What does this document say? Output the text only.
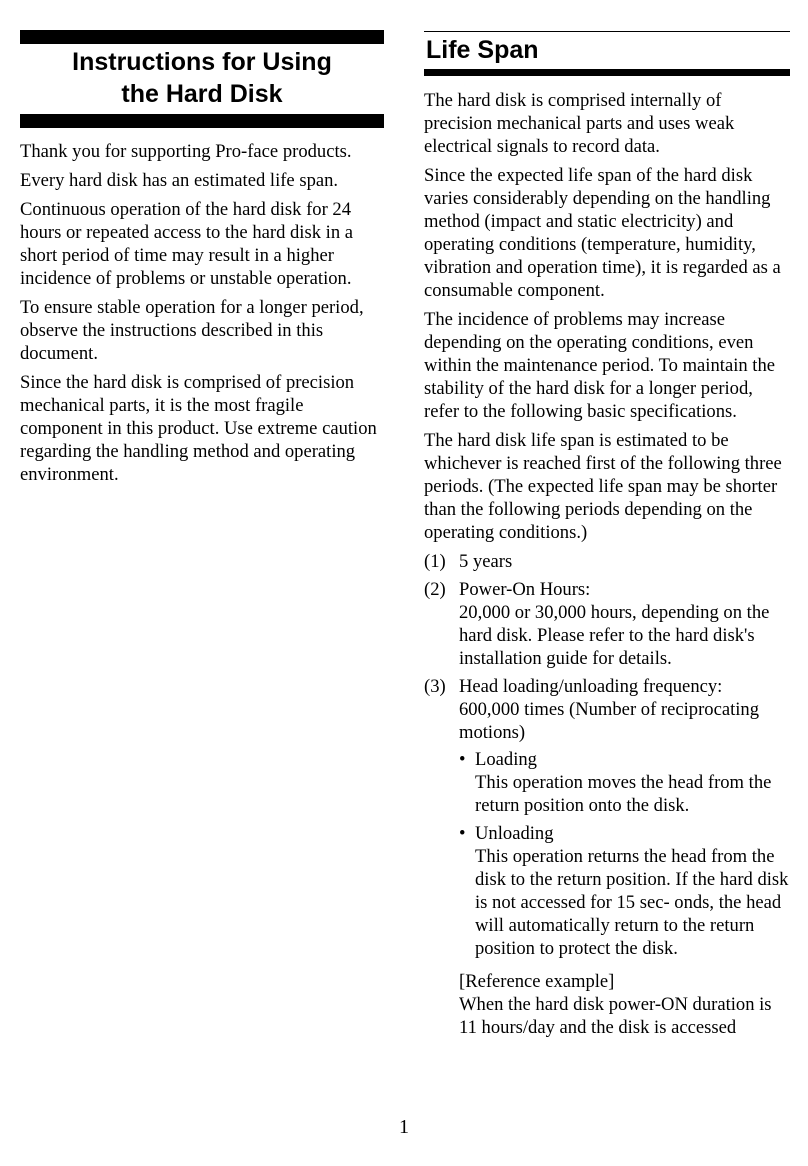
Instructions for Using
the Hard Disk

Thank you for supporting Pro-face products.

Every hard disk has an estimated life span.

Continuous operation of the hard disk for 24 hours or repeated access to the hard disk in a short period of time may result in a higher incidence of problems or unstable operation.

To ensure stable operation for a longer period, observe the instructions described in this document.

Since the hard disk is comprised of precision mechanical parts, it is the most fragile component in this product. Use extreme caution regarding the handling method and operating environment.

Life Span

The hard disk is comprised internally of precision mechanical parts and uses weak electrical signals to record data.

Since the expected life span of the hard disk varies considerably depending on the handling method (impact and static electricity) and operating conditions (temperature, humidity, vibration and operation time), it is regarded as a consumable component.

The incidence of problems may increase depending on the operating conditions, even within the maintenance period. To maintain the stability of the hard disk for a longer period, refer to the following basic specifications.

The hard disk life span is estimated to be whichever is reached first of the following three periods. (The expected life span may be shorter than the following periods depending on the operating conditions.)

(1) 5 years
(2) Power-On Hours:
20,000 or 30,000 hours, depending on the hard disk. Please refer to the hard disk's installation guide for details.
(3) Head loading/unloading frequency:
600,000 times (Number of reciprocating motions)
• Loading
This operation moves the head from the return position onto the disk.
• Unloading
This operation returns the head from the disk to the return position. If the hard disk is not accessed for 15 sec- onds, the head will automatically return to the return position to protect the disk.
[Reference example]
When the hard disk power-ON duration is 11 hours/day and the disk is accessed
1
